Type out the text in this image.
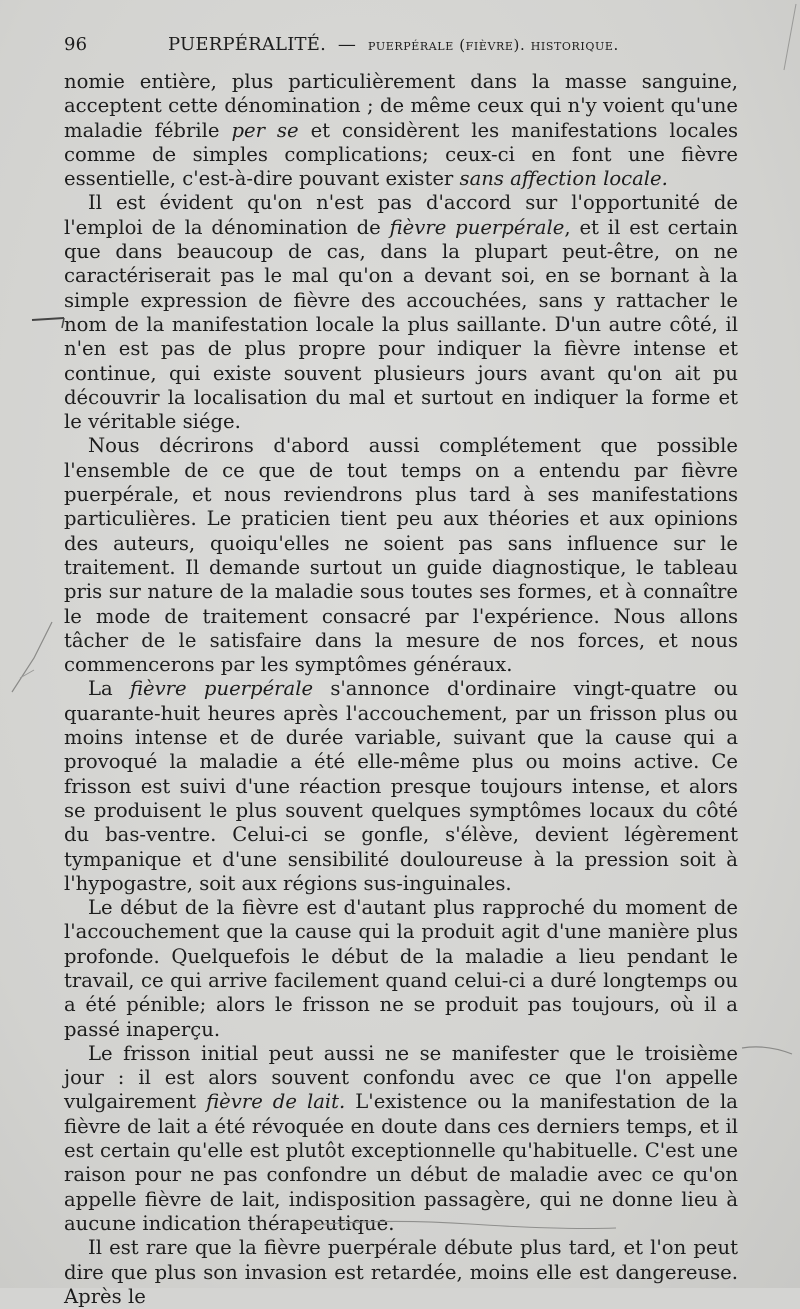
96	PUERPÉRALITÉ. — puerpérale (fièvre). historique.

nomie entière, plus particulièrement dans la masse sanguine, acceptent cette dénomination ; de même ceux qui n'y voient qu'une maladie fébrile per se et considèrent les manifestations locales comme de simples complications; ceux-ci en font une fièvre essentielle, c'est-à-dire pouvant exister sans affection locale.

Il est évident qu'on n'est pas d'accord sur l'opportunité de l'emploi de la dénomination de fièvre puerpérale, et il est certain que dans beaucoup de cas, dans la plupart peut-être, on ne caractériserait pas le mal qu'on a devant soi, en se bornant à la simple expression de fièvre des accouchées, sans y rattacher le nom de la manifestation locale la plus saillante. D'un autre côté, il n'en est pas de plus propre pour indiquer la fièvre intense et continue, qui existe souvent plusieurs jours avant qu'on ait pu découvrir la localisation du mal et surtout en indiquer la forme et le véritable siége.

Nous décrirons d'abord aussi complétement que possible l'ensemble de ce que de tout temps on a entendu par fièvre puerpérale, et nous reviendrons plus tard à ses manifestations particulières. Le praticien tient peu aux théories et aux opinions des auteurs, quoiqu'elles ne soient pas sans influence sur le traitement. Il demande surtout un guide diagnostique, le tableau pris sur nature de la maladie sous toutes ses formes, et à connaître le mode de traitement consacré par l'expérience. Nous allons tâcher de le satisfaire dans la mesure de nos forces, et nous commencerons par les symptômes généraux.

La fièvre puerpérale s'annonce d'ordinaire vingt-quatre ou quarante-huit heures après l'accouchement, par un frisson plus ou moins intense et de durée variable, suivant que la cause qui a provoqué la maladie a été elle-même plus ou moins active. Ce frisson est suivi d'une réaction presque toujours intense, et alors se produisent le plus souvent quelques symptômes locaux du côté du bas-ventre. Celui-ci se gonfle, s'élève, devient légèrement tympanique et d'une sensibilité douloureuse à la pression soit à l'hypogastre, soit aux régions sus-inguinales.

Le début de la fièvre est d'autant plus rapproché du moment de l'accouchement que la cause qui la produit agit d'une manière plus profonde. Quelquefois le début de la maladie a lieu pendant le travail, ce qui arrive facilement quand celui-ci a duré longtemps ou a été pénible; alors le frisson ne se produit pas toujours, où il a passé inaperçu.

Le frisson initial peut aussi ne se manifester que le troisième jour : il est alors souvent confondu avec ce que l'on appelle vulgairement fièvre de lait. L'existence ou la manifestation de la fièvre de lait a été révoquée en doute dans ces derniers temps, et il est certain qu'elle est plutôt exceptionnelle qu'habituelle. C'est une raison pour ne pas confondre un début de maladie avec ce qu'on appelle fièvre de lait, indisposition passagère, qui ne donne lieu à aucune indication thérapeutique.

Il est rare que la fièvre puerpérale débute plus tard, et l'on peut dire que plus son invasion est retardée, moins elle est dangereuse. Après le
